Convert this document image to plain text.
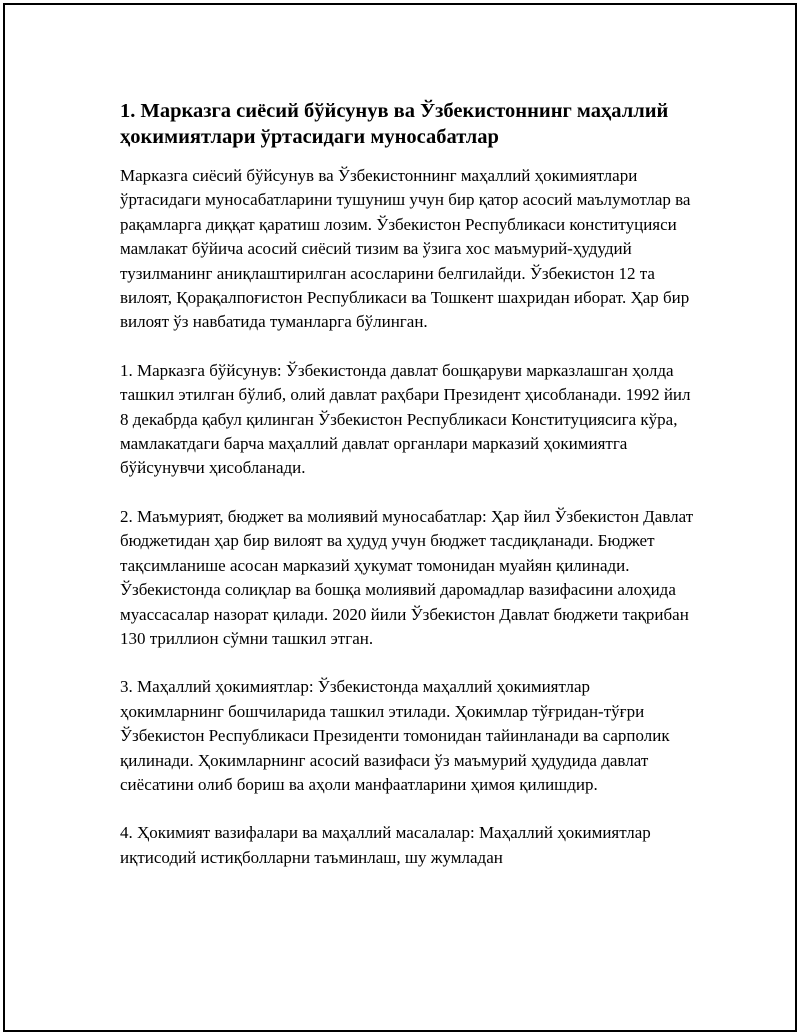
1. Марказга сиёсий бўйсунув ва Ўзбекистоннинг маҳаллий ҳокимиятлари ўртасидаги муносабатлар

Марказга сиёсий бўйсунув ва Ўзбекистоннинг маҳаллий ҳокимиятлари ўртасидаги муносабатларини тушуниш учун бир қатор асосий маълумотлар ва рақамларга диққат қаратиш лозим. Ўзбекистон Республикаси конституцияси мамлакат бўйича асосий сиёсий тизим ва ўзига хос маъмурий-ҳудудий тузилманинг аниқлаштирилган асосларини белгилайди. Ўзбекистон 12 та вилоят, Қорақалпоғистон Республикаси ва Тошкент шахридан иборат. Ҳар бир вилоят ўз навбатида туманларга бўлинган.

1. Марказга бўйсунув: Ўзбекистонда давлат бошқаруви марказлашган ҳолда ташкил этилган бўлиб, олий давлат раҳбари Президент ҳисобланади. 1992 йил 8 декабрда қабул қилинган Ўзбекистон Республикаси Конституциясига кўра, мамлакатдаги барча маҳаллий давлат органлари марказий ҳокимиятга бўйсунувчи ҳисобланади.

2. Маъмурият, бюджет ва молиявий муносабатлар: Ҳар йил Ўзбекистон Давлат бюджетидан ҳар бир вилоят ва ҳудуд учун бюджет тасдиқланади. Бюджет тақсимланише асосан марказий ҳукумат томонидан муайян қилинади. Ўзбекистонда солиқлар ва бошқа молиявий даромадлар вазифасини алоҳида муассасалар назорат қилади. 2020 йили Ўзбекистон Давлат бюджети тақрибан 130 триллион сўмни ташкил этган.

3. Маҳаллий ҳокимиятлар: Ўзбекистонда маҳаллий ҳокимиятлар ҳокимларнинг бошчиларида ташкил этилади. Ҳокимлар тўғридан-тўғри Ўзбекистон Республикаси Президенти томонидан тайинланади ва сарполик қилинади. Ҳокимларнинг асосий вазифаси ўз маъмурий ҳудудида давлат сиёсатини олиб бориш ва аҳоли манфаатларини ҳимоя қилишдир.

4. Ҳокимият вазифалари ва маҳаллий масалалар: Маҳаллий ҳокимиятлар иқтисодий истиқболларни таъминлаш, шу жумладан
